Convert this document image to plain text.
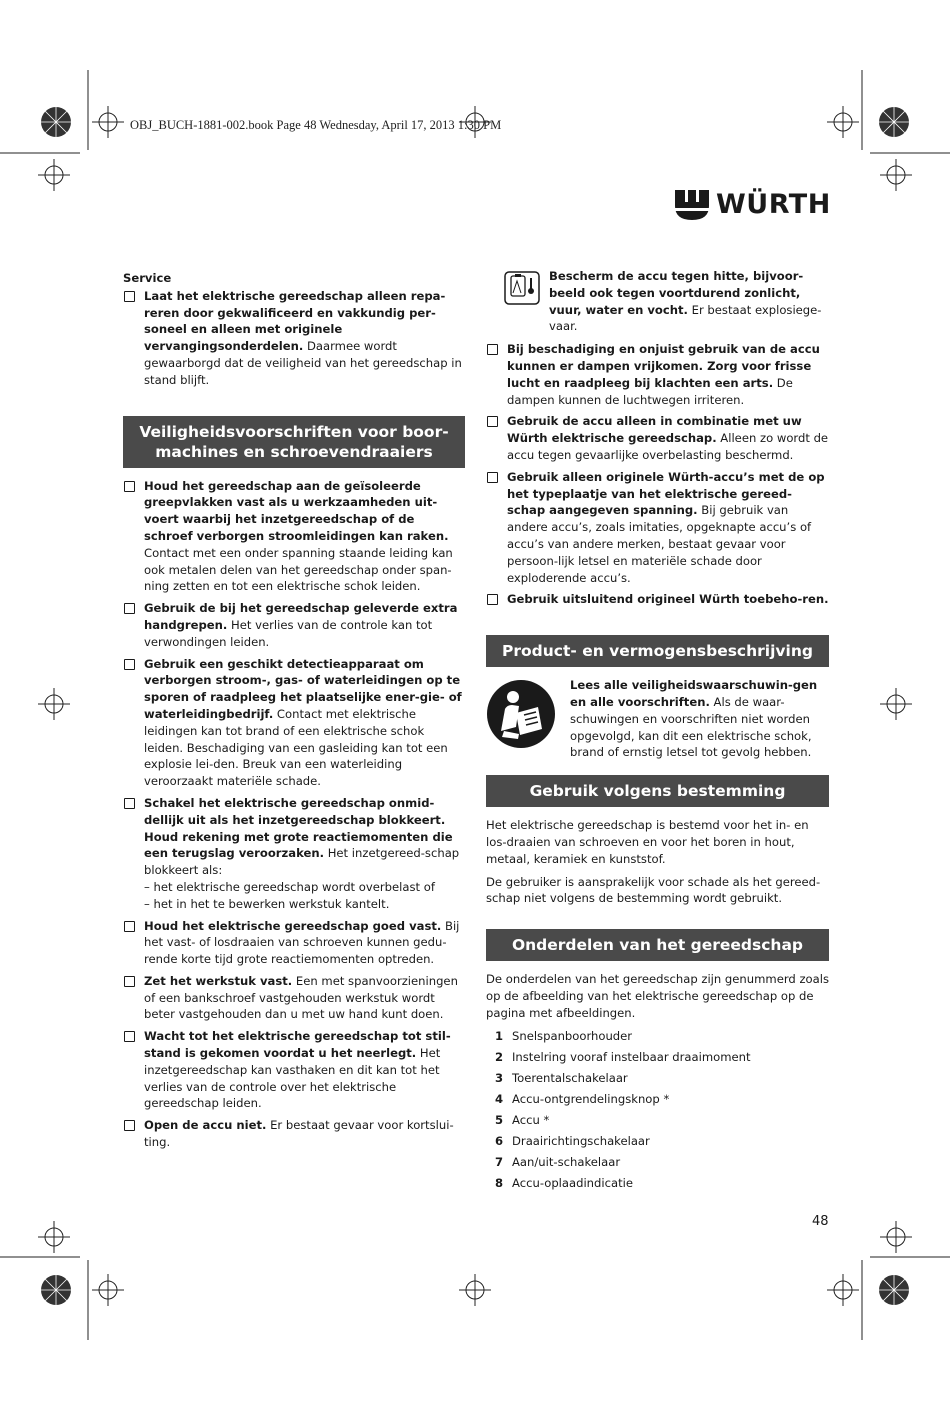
OBJ_BUCH-1881-002.book Page 48 Wednesday, April 17, 2013 1:30 PM
WÜRTH
Service
Laat het elektrische gereedschap alleen repa-reren door gekwalificeerd en vakkundig per-soneel en alleen met originele vervangingsonderdelen. Daarmee wordt gewaarborgd dat de veiligheid van het gereedschap in stand blijft.
Veiligheidsvoorschriften voor boor-machines en schroevendraaiers
Houd het gereedschap aan de geïsoleerde greepvlakken vast als u werkzaamheden uit-voert waarbij het inzetgereedschap of de schroef verborgen stroomleidingen kan raken. Contact met een onder spanning staande leiding kan ook metalen delen van het gereedschap onder span-ning zetten en tot een elektrische schok leiden.
Gebruik de bij het gereedschap geleverde extra handgrepen. Het verlies van de controle kan tot verwondingen leiden.
Gebruik een geschikt detectieapparaat om verborgen stroom-, gas- of waterleidingen op te sporen of raadpleeg het plaatselijke ener-gie- of waterleidingbedrijf. Contact met elektrische leidingen kan tot brand of een elektrische schok leiden. Beschadiging van een gasleiding kan tot een explosie lei-den. Breuk van een waterleiding veroorzaakt materiële schade.
Schakel het elektrische gereedschap onmid-dellijk uit als het inzetgereedschap blokkeert. Houd rekening met grote reactiemomenten die een terugslag veroorzaken. Het inzetgereed-schap blokkeert als:
– het elektrische gereedschap wordt overbelast of
– het in het te bewerken werkstuk kantelt.
Houd het elektrische gereedschap goed vast. Bij het vast- of losdraaien van schroeven kunnen gedu-rende korte tijd grote reactiemomenten optreden.
Zet het werkstuk vast. Een met spanvoorzieningen of een bankschroef vastgehouden werkstuk wordt beter vastgehouden dan u met uw hand kunt doen.
Wacht tot het elektrische gereedschap tot stil-stand is gekomen voordat u het neerlegt. Het inzetgereedschap kan vasthaken en dit kan tot het verlies van de controle over het elektrische gereedschap leiden.
Open de accu niet. Er bestaat gevaar voor kortslui-ting.
Bescherm de accu tegen hitte, bijvoor-beeld ook tegen voortdurend zonlicht, vuur, water en vocht. Er bestaat explosiege-vaar.
Bij beschadiging en onjuist gebruik van de accu kunnen er dampen vrijkomen. Zorg voor frisse lucht en raadpleeg bij klachten een arts. De dampen kunnen de luchtwegen irriteren.
Gebruik de accu alleen in combinatie met uw Würth elektrische gereedschap. Alleen zo wordt de accu tegen gevaarlijke overbelasting beschermd.
Gebruik alleen originele Würth-accu’s met de op het typeplaatje van het elektrische gereed-schap aangegeven spanning. Bij gebruik van andere accu’s, zoals imitaties, opgeknapte accu’s of accu’s van andere merken, bestaat gevaar voor persoon-lijk letsel en materiële schade door exploderende accu’s.
Gebruik uitsluitend origineel Würth toebeho-ren.
Product- en vermogensbeschrijving
Lees alle veiligheidswaarschuwin-gen en alle voorschriften. Als de waar-schuwingen en voorschriften niet worden opgevolgd, kan dit een elektrische schok, brand of ernstig letsel tot gevolg hebben.
Gebruik volgens bestemming

Het elektrische gereedschap is bestemd voor het in- en los-draaien van schroeven en voor het boren in hout, metaal, keramiek en kunststof.

De gebruiker is aansprakelijk voor schade als het gereed-schap niet volgens de bestemming wordt gebruikt.

Onderdelen van het gereedschap

De onderdelen van het gereedschap zijn genummerd zoals op de afbeelding van het elektrische gereedschap op de pagina met afbeeldingen.

1 Snelspanboorhouder
2 Instelring vooraf instelbaar draaimoment
3 Toerentalschakelaar
4 Accu-ontgrendelingsknop *
5 Accu *
6 Draairichtingschakelaar
7 Aan/uit-schakelaar
8 Accu-oplaadindicatie
48
